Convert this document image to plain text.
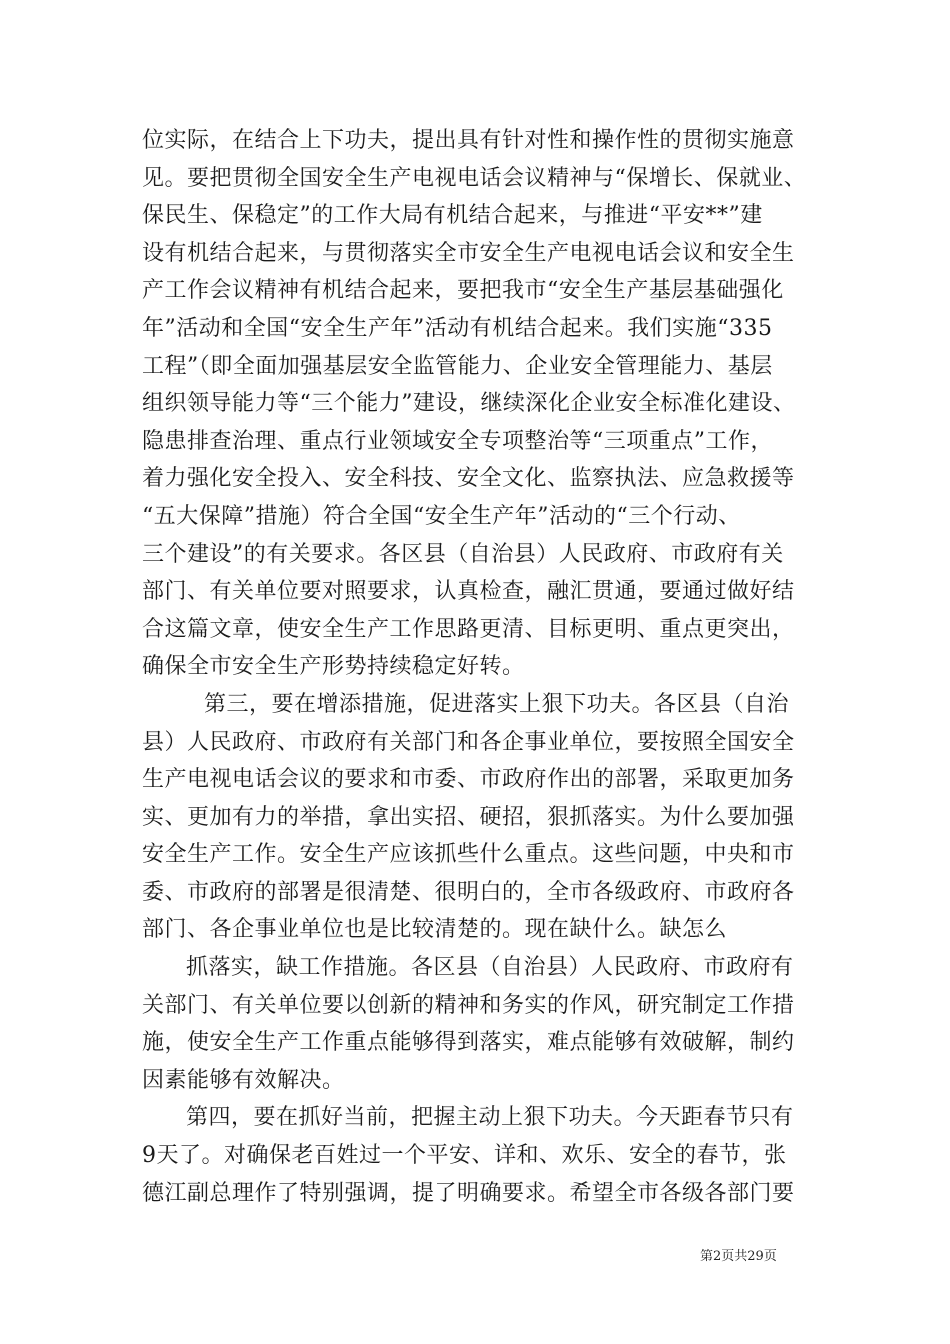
位实际，在结合上下功夫，提出具有针对性和操作性的贯彻实施意
见。要把贯彻全国安全生产电视电话会议精神与“保增长、保就业、
保民生、保稳定”的工作大局有机结合起来，与推进“平安**”建
设有机结合起来，与贯彻落实全市安全生产电视电话会议和安全生
产工作会议精神有机结合起来，要把我市“安全生产基层基础强化
年”活动和全国“安全生产年”活动有机结合起来。我们实施“335
工程”（即全面加强基层安全监管能力、企业安全管理能力、基层
组织领导能力等“三个能力”建设，继续深化企业安全标准化建设、
隐患排查治理、重点行业领域安全专项整治等“三项重点”工作，
着力强化安全投入、安全科技、安全文化、监察执法、应急救援等
“五大保障”措施）符合全国“安全生产年”活动的“三个行动、
三个建设”的有关要求。各区县（自治县）人民政府、市政府有关
部门、有关单位要对照要求，认真检查，融汇贯通，要通过做好结
合这篇文章，使安全生产工作思路更清、目标更明、重点更突出，
确保全市安全生产形势持续稳定好转。
第三，要在增添措施，促进落实上狠下功夫。各区县（自治
县）人民政府、市政府有关部门和各企事业单位，要按照全国安全
生产电视电话会议的要求和市委、市政府作出的部署，采取更加务
实、更加有力的举措，拿出实招、硬招，狠抓落实。为什么要加强
安全生产工作。安全生产应该抓些什么重点。这些问题，中央和市
委、市政府的部署是很清楚、很明白的，全市各级政府、市政府各
部门、各企事业单位也是比较清楚的。现在缺什么。缺怎么
抓落实，缺工作措施。各区县（自治县）人民政府、市政府有
关部门、有关单位要以创新的精神和务实的作风，研究制定工作措
施，使安全生产工作重点能够得到落实，难点能够有效破解，制约
因素能够有效解决。
第四，要在抓好当前，把握主动上狠下功夫。今天距春节只有
9天了。对确保老百姓过一个平安、详和、欢乐、安全的春节，张
德江副总理作了特别强调，提了明确要求。希望全市各级各部门要
第2页共29页
